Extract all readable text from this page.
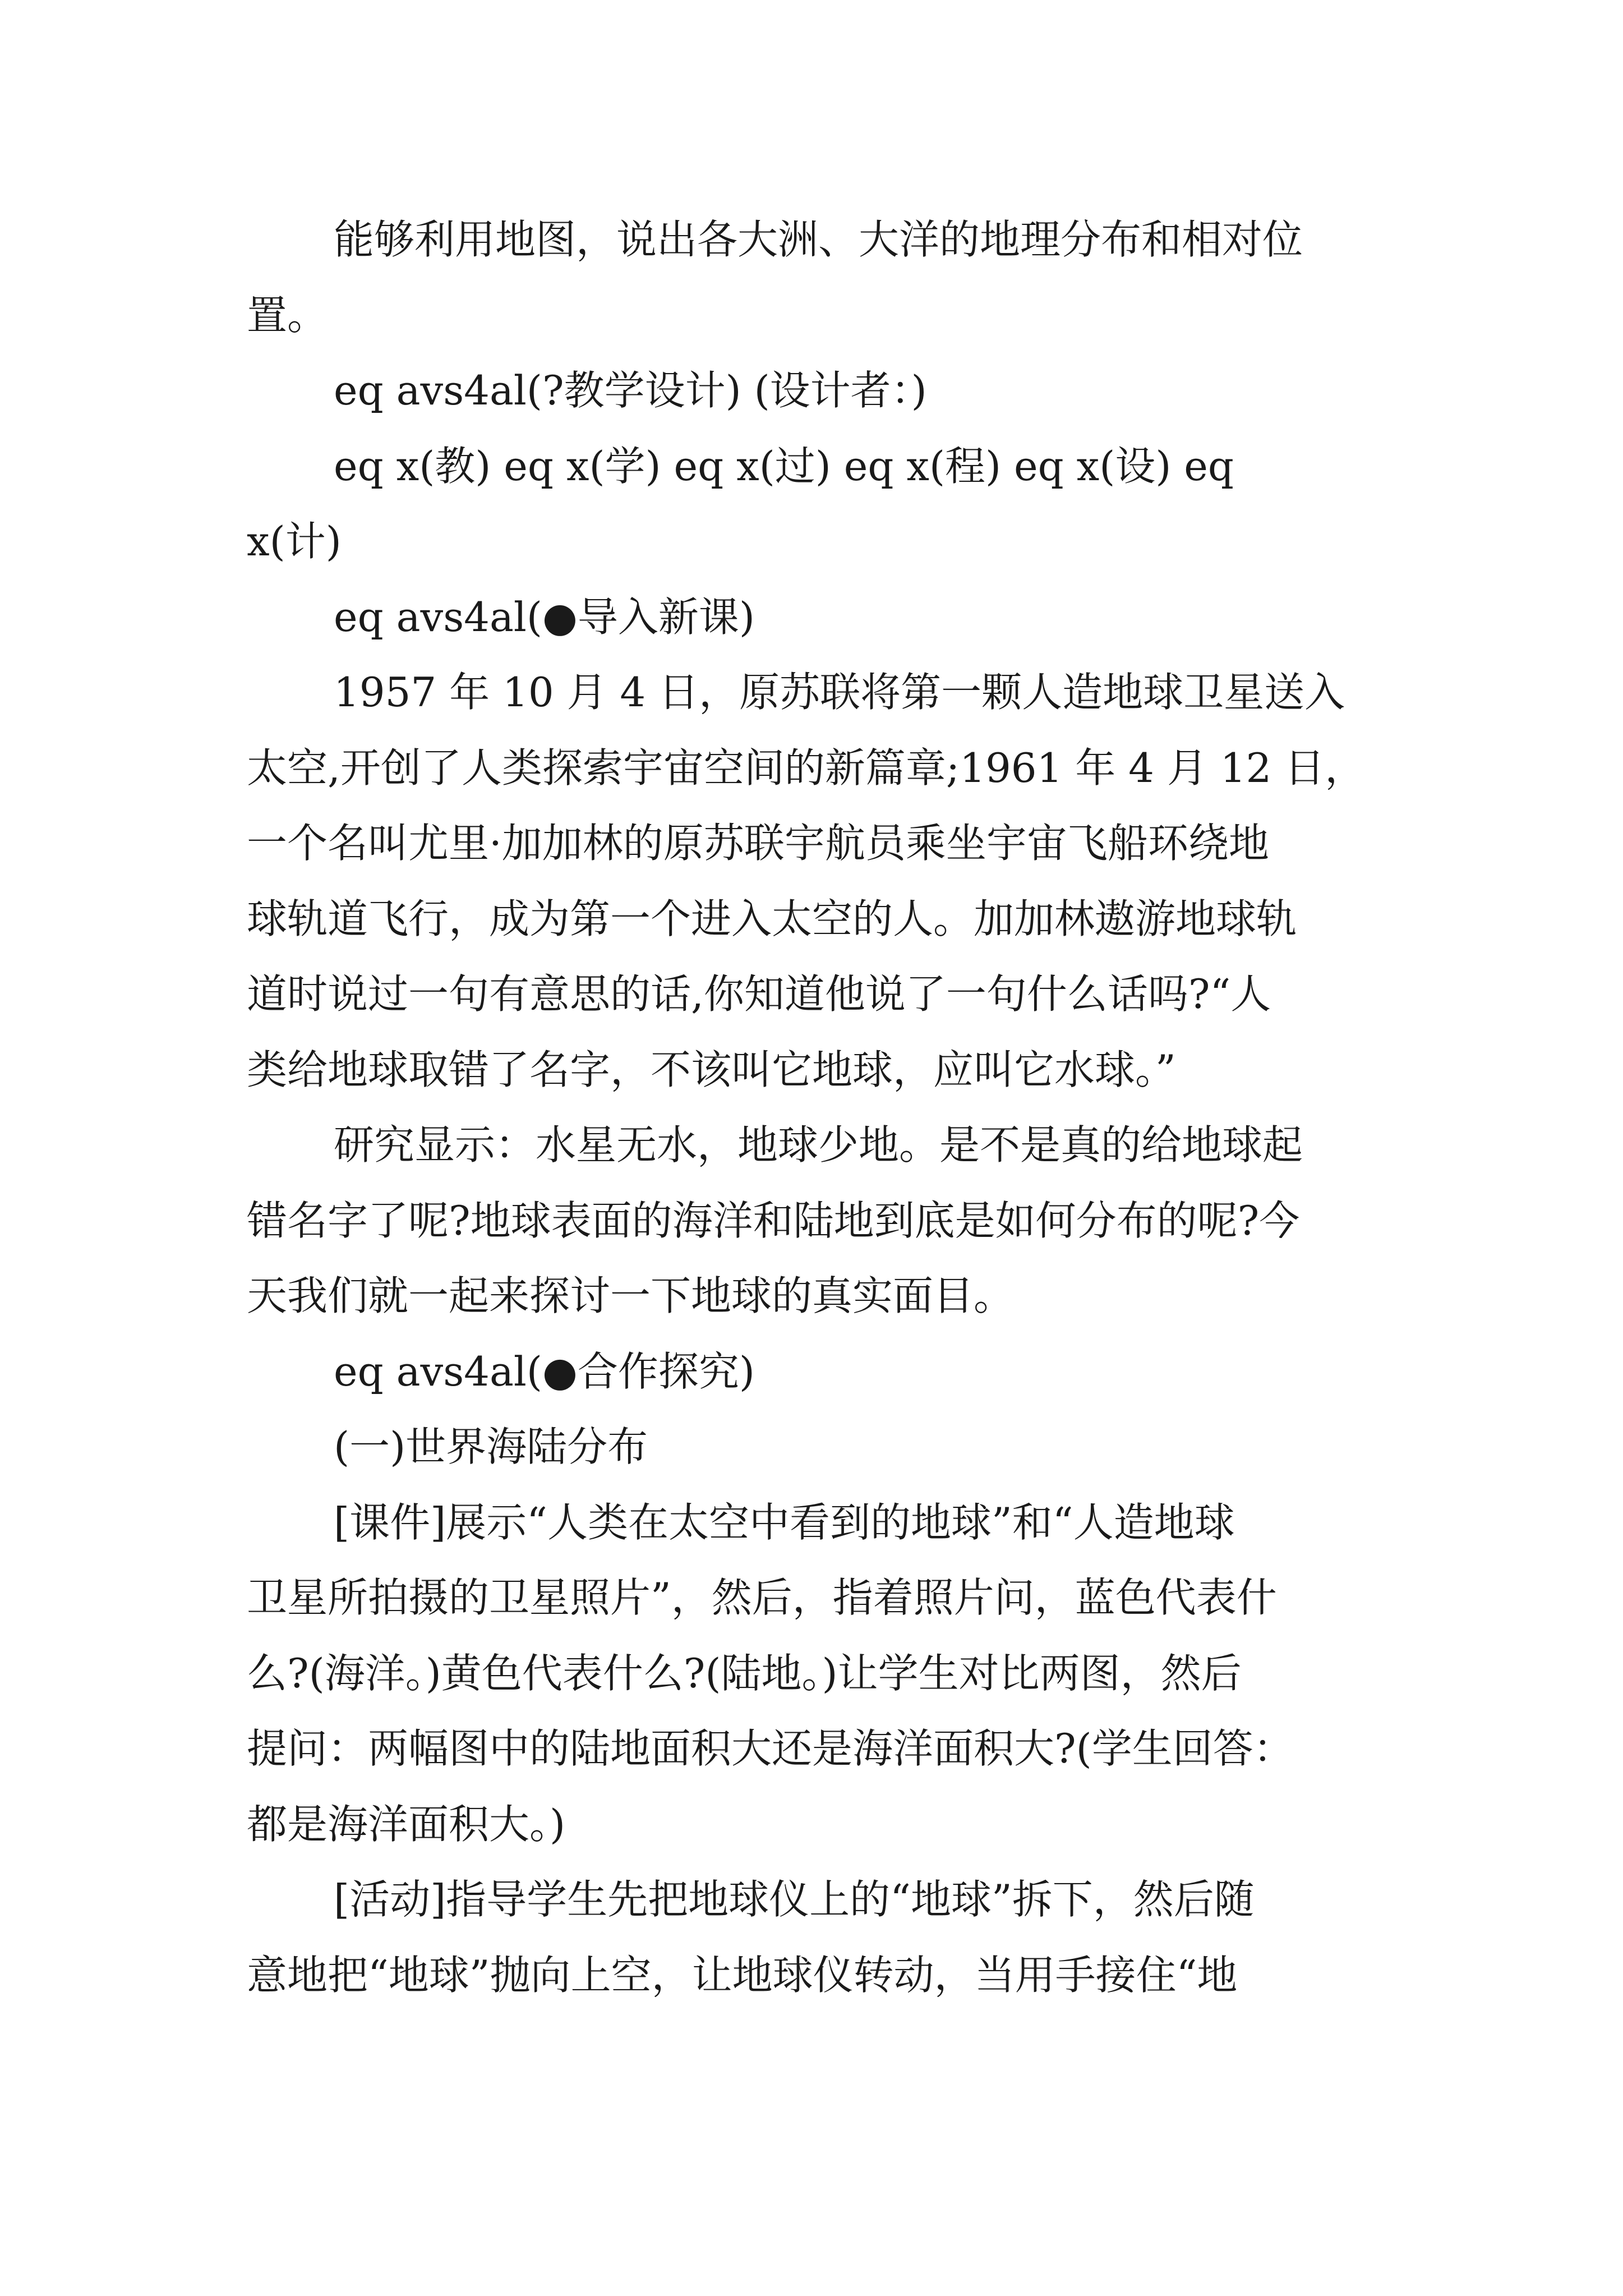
能够利用地图，说出各大洲、大洋的地理分布和相对位
置。
eq avs4al(?教学设计) (设计者：)
eq x(教) eq x(学) eq x(过) eq x(程) eq x(设) eq
x(计)
eq avs4al(●导入新课)
1957 年 10 月 4 日，原苏联将第一颗人造地球卫星送入
太空,开创了人类探索宇宙空间的新篇章;1961 年 4 月 12 日，
一个名叫尤里·加加林的原苏联宇航员乘坐宇宙飞船环绕地
球轨道飞行，成为第一个进入太空的人。加加林遨游地球轨
道时说过一句有意思的话,你知道他说了一句什么话吗?“人
类给地球取错了名字，不该叫它地球，应叫它水球。”
研究显示：水星无水，地球少地。是不是真的给地球起
错名字了呢?地球表面的海洋和陆地到底是如何分布的呢?今
天我们就一起来探讨一下地球的真实面目。
eq avs4al(●合作探究)
(一)世界海陆分布
[课件]展示“人类在太空中看到的地球”和“人造地球
卫星所拍摄的卫星照片”，然后，指着照片问，蓝色代表什
么?(海洋。)黄色代表什么?(陆地。)让学生对比两图，然后
提问：两幅图中的陆地面积大还是海洋面积大?(学生回答：
都是海洋面积大。)
[活动]指导学生先把地球仪上的“地球”拆下，然后随
意地把“地球”抛向上空，让地球仪转动，当用手接住“地
